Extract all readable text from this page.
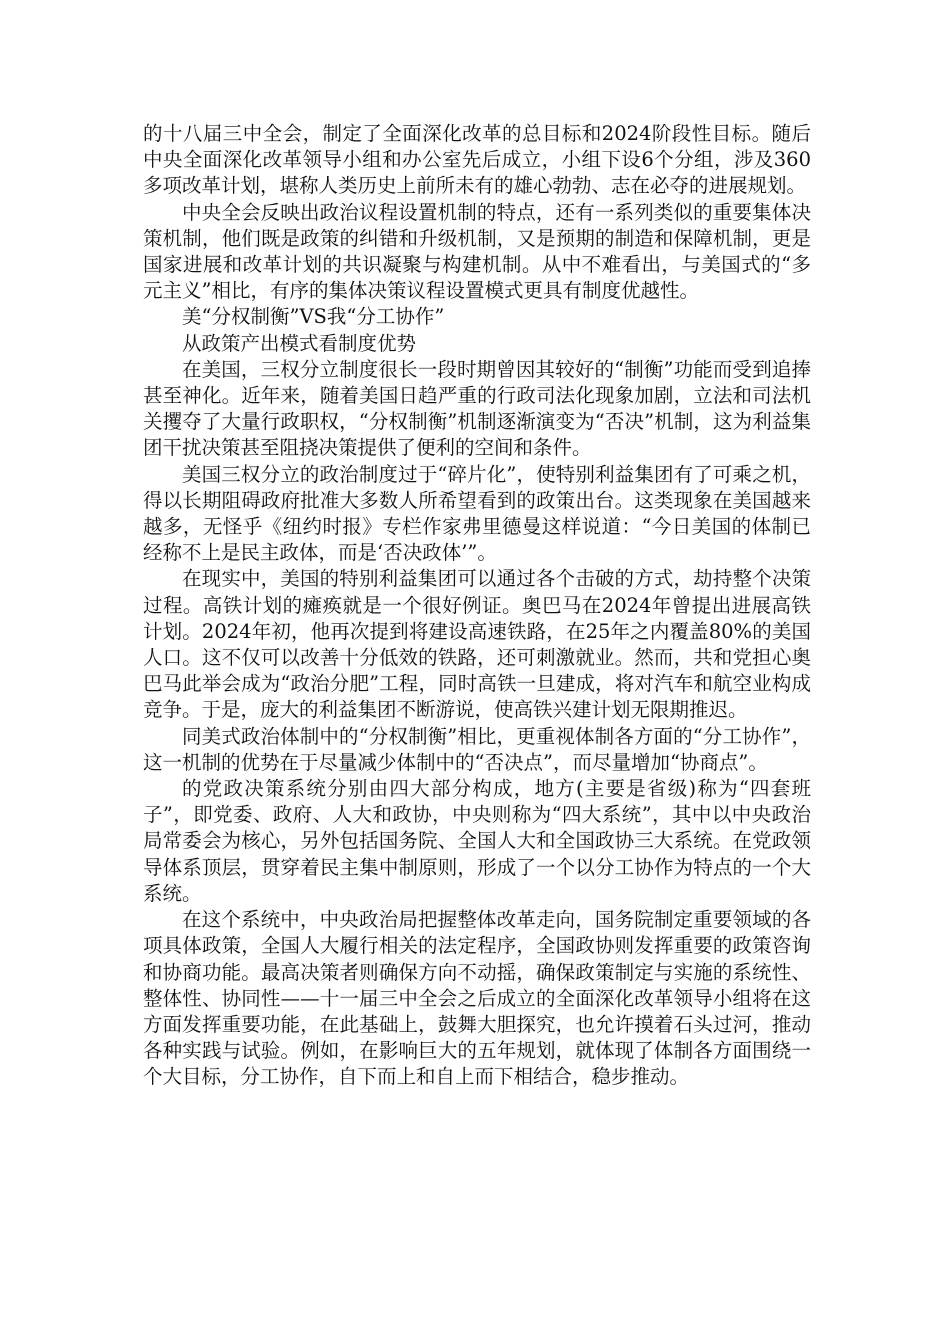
的十八届三中全会，制定了全面深化改革的总目标和2024阶段性目标。随后中央全面深化改革领导小组和办公室先后成立，小组下设6个分组，涉及360多项改革计划，堪称人类历史上前所未有的雄心勃勃、志在必夺的进展规划。

中央全会反映出政治议程设置机制的特点，还有一系列类似的重要集体决策机制，他们既是政策的纠错和升级机制，又是预期的制造和保障机制，更是国家进展和改革计划的共识凝聚与构建机制。从中不难看出，与美国式的“多元主义”相比，有序的集体决策议程设置模式更具有制度优越性。

美“分权制衡”VS我“分工协作”

从政策产出模式看制度优势

在美国，三权分立制度很长一段时期曾因其较好的“制衡”功能而受到追捧甚至神化。近年来，随着美国日趋严重的行政司法化现象加剧，立法和司法机关攫夺了大量行政职权，“分权制衡”机制逐渐演变为“否决”机制，这为利益集团干扰决策甚至阻挠决策提供了便利的空间和条件。

美国三权分立的政治制度过于“碎片化”，使特别利益集团有了可乘之机，得以长期阻碍政府批准大多数人所希望看到的政策出台。这类现象在美国越来越多，无怪乎《纽约时报》专栏作家弗里德曼这样说道：“今日美国的体制已经称不上是民主政体，而是‘否决政体’”。

在现实中，美国的特别利益集团可以通过各个击破的方式，劫持整个决策过程。高铁计划的瘫痪就是一个很好例证。奥巴马在2024年曾提出进展高铁计划。2024年初，他再次提到将建设高速铁路，在25年之内覆盖80%的美国人口。这不仅可以改善十分低效的铁路，还可刺激就业。然而，共和党担心奥巴马此举会成为“政治分肥”工程，同时高铁一旦建成，将对汽车和航空业构成竞争。于是，庞大的利益集团不断游说，使高铁兴建计划无限期推迟。

同美式政治体制中的“分权制衡”相比，更重视体制各方面的“分工协作”，这一机制的优势在于尽量减少体制中的“否决点”，而尽量增加“协商点”。

的党政决策系统分别由四大部分构成，地方(主要是省级)称为“四套班子”，即党委、政府、人大和政协，中央则称为“四大系统”，其中以中央政治局常委会为核心，另外包括国务院、全国人大和全国政协三大系统。在党政领导体系顶层，贯穿着民主集中制原则，形成了一个以分工协作为特点的一个大系统。

在这个系统中，中央政治局把握整体改革走向，国务院制定重要领域的各项具体政策，全国人大履行相关的法定程序，全国政协则发挥重要的政策咨询和协商功能。最高决策者则确保方向不动摇，确保政策制定与实施的系统性、整体性、协同性——十一届三中全会之后成立的全面深化改革领导小组将在这方面发挥重要功能，在此基础上，鼓舞大胆探究，也允许摸着石头过河，推动各种实践与试验。例如，在影响巨大的五年规划，就体现了体制各方面围绕一个大目标，分工协作，自下而上和自上而下相结合，稳步推动。
